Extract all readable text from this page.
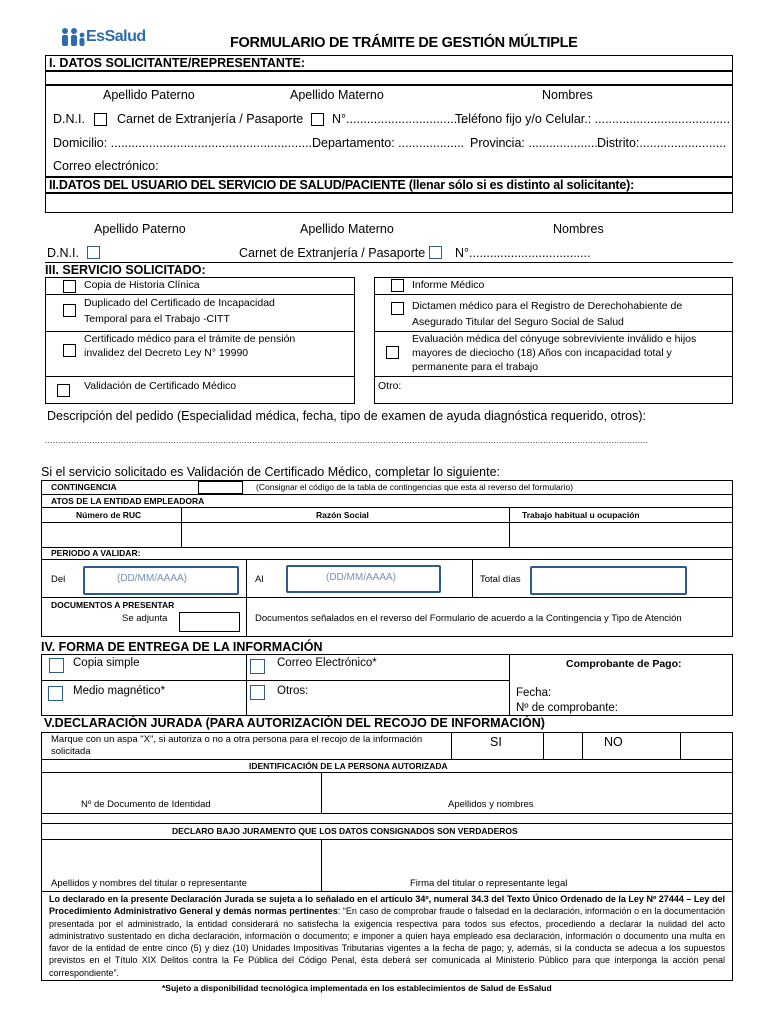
EsSalud	FORMULARIO DE TRÁMITE DE GESTIÓN MÚLTIPLE
I. DATOS SOLICITANTE/REPRESENTANTE:
Apellido Paterno	Apellido Materno	Nombres
D.N.I.	Carnet de Extranjería / Pasaporte N°...................................
Teléfono fijo y/o Celular.: .......................................
Domicilio: ............................................................
Departamento: ................... Provincia: .....................
Distrito:.........................
Correo electrónico:
II.DATOS DEL USUARIO DEL SERVICIO DE SALUD/PACIENTE (llenar sólo si es distinto al solicitante):
Apellido Paterno	Apellido Materno	Nombres
D.N.I.	Carnet de Extranjería / Pasaporte N°...................................
III. SERVICIO SOLICITADO:
Copia de Historia Clínica
Duplicado del Certificado de Incapacidad
Temporal para el Trabajo -CITT
Certificado médico para el trámite de pensión
invalidez del Decreto Ley N° 19990
Validación de Certificado Médico
Informe Médico
Dictamen médico para el Registro de Derechohabiente de
Asegurado Titular del Seguro Social de Salud
Evaluación médica del cónyuge sobreviviente inválido e hijos
mayores de dieciocho (18) Años con incapacidad total y
permanente para el trabajo
Otro:
Descripción del pedido (Especialidad médica, fecha, tipo de examen de ayuda diagnóstica requerido, otros):
......................................................................................................................................................................................................................................
Si el servicio solicitado es Validación de Certificado Médico, completar lo siguiente:
CONTINGENCIA	(Consignar el código de la tabla de contingencias que esta al reverso del formulario)
ATOS DE LA ENTIDAD EMPLEADORA
Número de RUC	Razón Social	Trabajo habitual u ocupación
PERIODO A VALIDAR:
Del	(DD/MM/AAAA)	Al	(DD/MM/AAAA)	Total días
DOCUMENTOS A PRESENTAR
Se adjunta	Documentos señalados en el reverso del Formulario de acuerdo a la Contingencia y Tipo de Atención
IV. FORMA DE ENTREGA DE LA INFORMACIÓN
Copia simple	Correo Electrónico*	Comprobante de Pago:
Medio magnético*	Otros:	Fecha:
Nº de comprobante:
V.DECLARACIÓN JURADA (PARA AUTORIZACIÓN DEL RECOJO DE INFORMACIÓN)
Marque con un aspa "X", si autoriza o no a otra persona para el recojo de la información
solicitada
SI	NO
IDENTIFICACIÓN DE LA PERSONA AUTORIZADA
Nº de Documento de Identidad	Apellidos y nombres
DECLARO BAJO JURAMENTO QUE LOS DATOS CONSIGNADOS SON VERDADEROS
Apellidos y nombres del titular o representante	Firma del titular o representante legal
Lo declarado en la presente Declaración Jurada se sujeta a lo señalado en el artículo 34º, numeral 34.3 del Texto Único Ordenado de la Ley Nº 27444 – Ley del Procedimiento Administrativo General y demás normas pertinentes: “En caso de comprobar fraude o falsedad en la declaración, información o en la documentación presentada por el administrado, la entidad considerará no satisfecha la exigencia respectiva para todos sus efectos, procediendo a declarar la nulidad del acto administrativo sustentado en dicha declaración, información o documento; e imponer a quien haya empleado esa declaración, información o documento una multa en favor de la entidad de entre cinco (5) y diez (10) Unidades Impositivas Tributarias vigentes a la fecha de pago; y, además, si la conducta se adecua a los supuestos previstos en el Título XIX Delitos contra la Fe Pública del Código Penal, ésta deberá ser comunicada al Ministerio Público para que interponga la acción penal correspondiente”.
*Sujeto a disponibilidad tecnológica implementada en los establecimientos de Salud de EsSalud
